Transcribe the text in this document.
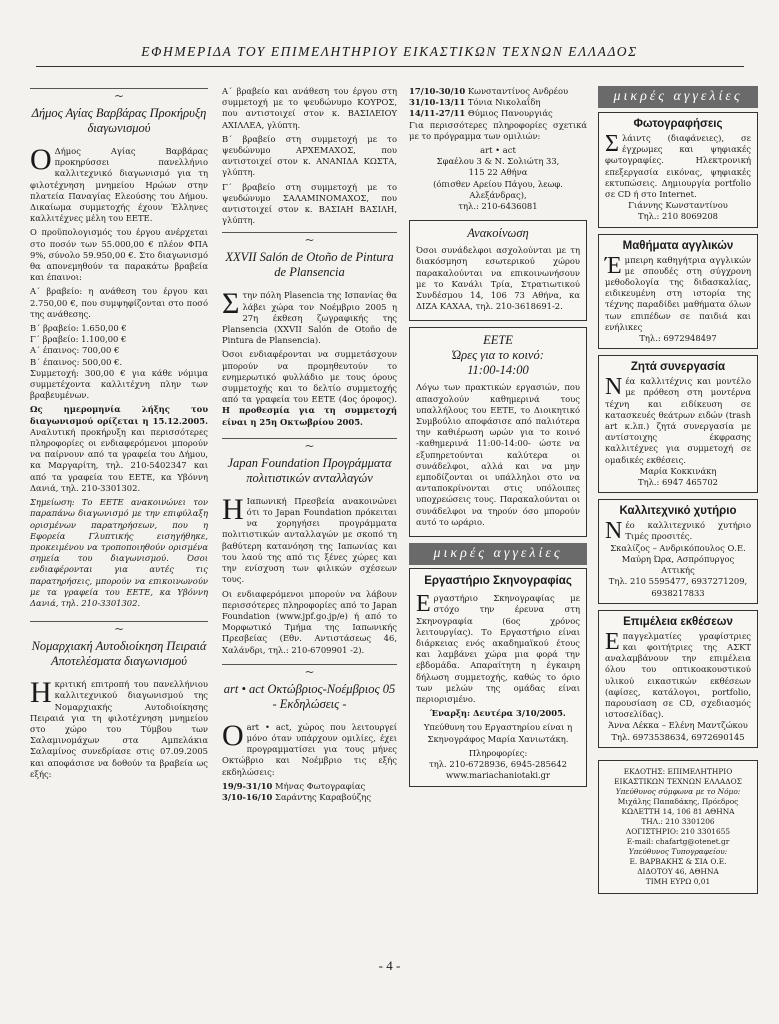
ΕΦΗΜΕΡΙΔΑ ΤΟΥ ΕΠΙΜΕΛΗΤΗΡΙΟΥ ΕΙΚΑΣΤΙΚΩΝ ΤΕΧΝΩΝ ΕΛΛΑΔΟΣ
~
Δήμος Αγίας Βαρβάρας Προκήρυξη διαγωνισμού

Ο Δήμος Αγίας Βαρβάρας προκηρύσσει πανελλήνιο καλλιτεχνικό διαγωνισμό για τη φιλοτέχνηση μνημείου Ηρώων στην πλατεία Παναγίας Ελεούσης του Δήμου. Δικαίωμα συμμετοχής έχουν Έλληνες καλλιτέχνες μέλη του ΕΕΤΕ.

Ο προϋπολογισμός του έργου ανέρχεται στο ποσόν των 55.000,00 € πλέον ΦΠΑ 9%, σύνολο 59.950,00 €. Στο διαγωνισμό θα απονεμηθούν τα παρακάτω βραβεία και έπαινοι:

Α΄ βραβείο: η ανάθεση του έργου και 2.750,00 €, που συμψηφίζονται στο ποσό της ανάθεσης.

Β΄ βραβείο: 1.650,00 €

Γ΄ βραβείο: 1.100,00 €

Α΄ έπαινος: 700,00 €

Β΄ έπαινος: 500,00 €.

Συμμετοχή: 300,00 € για κάθε νόμιμα συμμετέχοντα καλλιτέχνη πλην των βραβευμένων.

Ως ημερομηνία λήξης του διαγωνισμού ορίζεται η 15.12.2005. Αναλυτική προκήρυξη και περισσότερες πληροφορίες οι ενδιαφερόμενοι μπορούν να παίρνουν από τα γραφεία του Δήμου, κα Μαργαρίτη, τηλ. 210-5402347 και από τα γραφεία του ΕΕΤΕ, κα Υβόννη Δανιά, τηλ. 210-3301302.

Σημείωση: Το ΕΕΤΕ ανακοινώνει τον παραπάνω διαγωνισμό με την επιφύλαξη ορισμένων παρατηρήσεων, που η Εφορεία Γλυπτικής εισηγήθηκε, προκειμένου να τροποποιηθούν ορισμένα σημεία του διαγωνισμού. Όσοι ενδιαφέρονται για αυτές τις παρατηρήσεις, μπορούν να επικοινωνούν με τα γραφεία του ΕΕΤΕ, κα Υβόννη Δανιά, τηλ. 210-3301302.

~
Νομαρχιακή Αυτοδιοίκηση Πειραιά Αποτελέσματα διαγωνισμού

Ηκριτική επιτροπή του πανελλήνιου καλλιτεχνικού διαγωνισμού της Νομαρχιακής Αυτοδιοίκησης Πειραιά για τη φιλοτέχνηση μνημείου στο χώρο του Τύμβου των Σαλαμινομάχων στα Αμπελάκια Σαλαμίνος συνεδρίασε στις 07.09.2005 και αποφάσισε να δοθούν τα βραβεία ως εξής:

Α΄ βραβείο και ανάθεση του έργου στη συμμετοχή με το ψευδώνυμο ΚΟΥΡΟΣ, που αντιστοιχεί στον κ. ΒΑΣΙΛΕΙΟΥ ΑΧΙΛΛΕΑ, γλύπτη.

Β΄ βραβείο στη συμμετοχή με το ψευδώνυμο ΑΡΧΕΜΑΧΟΣ, που αντιστοιχεί στον κ. ΑΝΑΝΙΔΑ ΚΩΣΤΑ, γλύπτη.

Γ΄ βραβείο στη συμμετοχή με το ψευδώνυμο ΣΑΛΑΜΙΝΟΜΑΧΟΣ, που αντιστοιχεί στον κ. ΒΑΣΙΑΗ ΒΑΣΙΛΗ, γλύπτη.

~
XXVII Salón de Otoño de Pintura de Plansencia

Στην πόλη Plasencia της Ισπανίας θα λάβει χώρα τον Νοέμβριο 2005 η 27η έκθεση ζωγραφικής της Plansencia (XXVII Salón de Otoño de Pintura de Plansencia).

Όσοι ενδιαφέρονται να συμμετάσχουν μπορούν να προμηθευτούν το ενημερωτικό φυλλάδιο με τους όρους συμμετοχής και το δελτίο συμμετοχής από τα γραφεία του ΕΕΤΕ (4ος όροφος). Η προθεσμία για τη συμμετοχή είναι η 25η Οκτωβρίου 2005.

~
Japan Foundation Προγράμματα πολιτιστικών ανταλλαγών

Η Ιαπωνική Πρεσβεία ανακοινώνει ότι το Japan Foundation πρόκειται να χορηγήσει προγράμματα πολιτιστικών ανταλλαγών με σκοπό τη βαθύτερη κατανόηση της Ιαπωνίας και του λαού της από τις ξένες χώρες και την ενίσχυση των φιλικών σχέσεων τους.

Οι ενδιαφερόμενοι μπορούν να λάβουν περισσότερες πληροφορίες από το Japan Foundation (www.jpf.go.jp/e) ή από το Μορφωτικό Τμήμα της Ιαπωνικής Πρεσβείας (Εθν. Αντιστάσεως 46, Χαλάνδρι, τηλ.: 210-6709901 -2).

~
art • act Οκτώβριος-Νοέμβριος 05 - Εκδηλώσεις -

Οart • act, χώρος που λειτουργεί μόνο όταν υπάρχουν ομιλίες, έχει προγραμματίσει για τους μήνες Οκτώβριο και Νοέμβριο τις εξής εκδηλώσεις:

19/9-31/10 Μήνας Φωτογραφίας

3/10-16/10 Σαράντης Καραβούζης

17/10-30/10 Κωνσταντίνος Ανδρέου

31/10-13/11 Τόνια Νικολαΐδη

14/11-27/11 Θύμιος Πανουργιάς

Για περισσότερες πληροφορίες σχετικά με το πρόγραμμα των ομιλιών:

art • act
Σφαέλου 3 & Ν. Σολιώτη 33,
115 22 Αθήνα
(όπισθεν Αρείου Πάγου, λεωφ. Αλεξάνδρας),
τηλ.: 210-6436081
Ανακοίνωση

Όσοι συνάδελφοι ασχολούνται με τη διακόσμηση εσωτερικού χώρου παρακαλούνται να επικοινωνήσουν με το Κανάλι Τρία, Στρατιωτικού Συνδέσμου 14, 106 73 Αθήνα, κα ΔΙΖΑ ΚΑΧΑΑ, τηλ. 210-3618691-2.

ΕΕΤΕ
Ώρες για το κοινό:
11:00-14:00

Λόγω των πρακτικών εργασιών, που απασχολούν καθημερινά τους υπαλλήλους του ΕΕΤΕ, το Διοικητικό Συμβούλιο αποφάσισε από παλιότερα την καθιέρωση ωρών για το κοινό -καθημερινά 11:00-14:00- ώστε να εξυπηρετούνται καλύτερα οι συνάδελφοι, αλλά και να μην εμποδίζονται οι υπάλληλοι στο να ανταποκρίνονται στις υπόλοιπες υποχρεώσεις τους. Παρακαλούνται οι συνάδελφοι να τηρούν όσο μπορούν αυτό το ωράριο.

μικρές αγγελίες
Εργαστήριο Σκηνογραφίας

Εργαστήριο Σκηνογραφίας με στόχο την έρευνα στη Σκηνογραφία (6ος χρόνος λειτουργίας). Το Εργαστήριο είναι διάρκειας ενός ακαδημαϊκού έτους και λαμβάνει χώρα μια φορά την εβδομάδα. Απαραίτητη η έγκαιρη δήλωση συμμετοχής, καθώς το όριο των μελών της ομάδας είναι περιορισμένο.

Έναρξη: Δευτέρα 3/10/2005.

Υπεύθυνη του Εργαστηρίου είναι η Σκηνογράφος Μαρία Χανιωτάκη.

Πληροφορίες:
τηλ. 210-6728936, 6945-285642
www.mariachaniotaki.gr
μικρές αγγελίες
Φωτογραφήσεις

Σλάιντς (διαφάνειες), σε έγχρωμες και ψηφιακές φωτογραφίες. Ηλεκτρονική επεξεργασία εικόνας, ψηφιακές εκτυπώσεις. Δημιουργία portfolio σε CD ή στο Internet.

Γιάννης Κωνσταντίνου
Τηλ.: 210 8069208
Μαθήματα αγγλικών

Έμπειρη καθηγήτρια αγγλικών με σπουδές στη σύγχρονη μεθοδολογία της διδασκαλίας, ειδικευμένη στη ιστορία της τέχνης παραδίδει μαθήματα όλων των επιπέδων σε παιδιά και ενήλικες

Τηλ.: 6972948497
Ζητά συνεργασία

Νέα καλλιτέχνις και μοντέλο με πρόθεση στη μοντέρνα τέχνη και ειδίκευση σε κατασκευές θεάτρων ειδών (trash art κ.λπ.) ζητά συνεργασία με αντίστοιχης έκφρασης καλλιτέχνες για συμμετοχή σε ομαδικές εκθέσεις.

Μαρία Κοκκινάκη
Τηλ.: 6947 465702
Καλλιτεχνικό χυτήριο

Νέο καλλιτεχνικό χυτήριο Τιμές προσιτές.

Σκαλίζος – Ανδρικόπουλος Ο.Ε. Μαύρη Ώρα, Ασπρόπυργος Αττικής
Τηλ. 210 5595477, 6937271209, 6938217833
Επιμέλεια εκθέσεων

Επαγγελματίες γραφίστριες και φοιτήτριες της ΑΣΚΤ αναλαμβάνουν την επιμέλεια όλου του οπτικοακουστικού υλικού εικαστικών εκθέσεων (αφίσες, κατάλογοι, portfolio, παρουσίαση σε CD, σχεδιασμός ιστοσελίδας).

Άννα Λέκκα – Ελένη Μαντζώκου
Τηλ. 6973538634, 6972690145
ΕΚΔΟΤΗΣ: ΕΠΙΜΕΛΗΤΗΡΙΟ
ΕΙΚΑΣΤΙΚΩΝ ΤΕΧΝΩΝ ΕΛΛΑΔΟΣ
Υπεύθυνος σύμφωνα με το Νόμο:
Μιχάλης Παπαδάκης, Πρόεδρος
ΚΩΛΕΤΤΗ 14, 106 81 ΑΘΗΝΑ
ΤΗΛ.: 210 3301206
ΛΟΓΙΣΤΗΡΙΟ: 210 3301655
E-mail: chafartg@otenet.gr
Υπεύθυνος Τυπογραφείου:
Ε. ΒΑΡΒΑΚΗΣ & ΣΙΑ Ο.Ε.
ΔΙΔΟΤΟΥ 46, ΑΘΗΝΑ
ΤΙΜΗ ΕΥΡΩ 0,01
- 4 -
